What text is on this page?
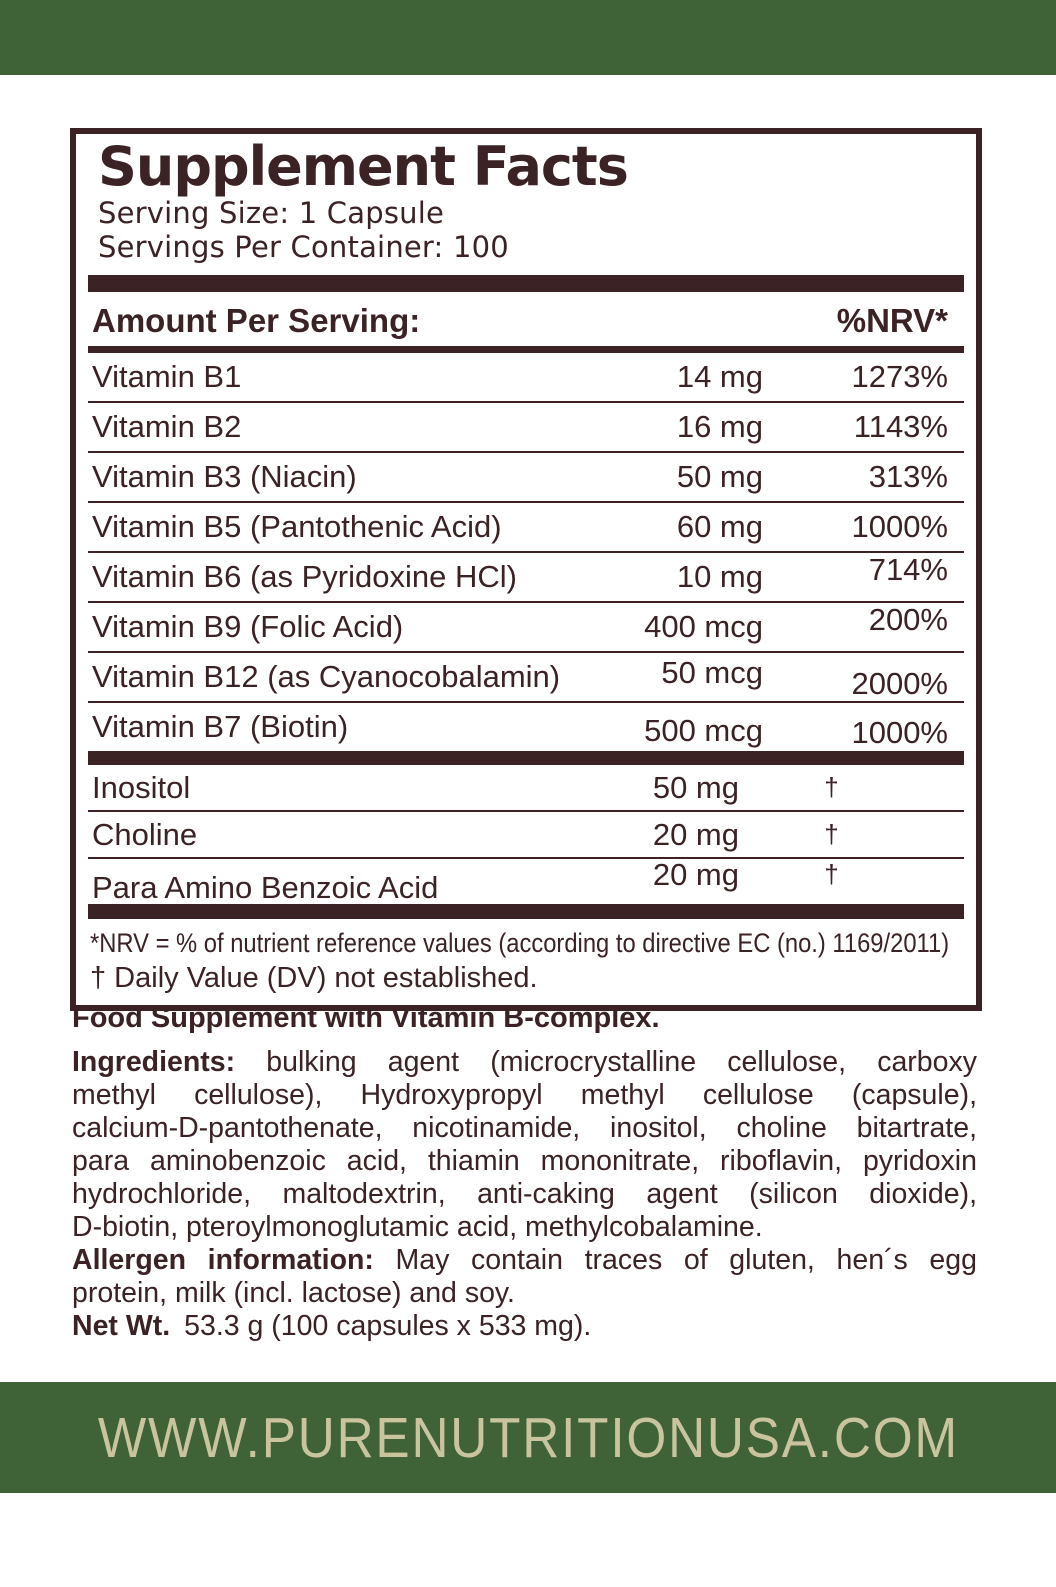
Supplement Facts
Serving Size: 1 Capsule
Servings Per Container: 100
Amount Per Serving:	%NRV*
Vitamin B1	14 mg	1273%
Vitamin B2	16 mg	1143%
Vitamin B3 (Niacin)	50 mg	313%
Vitamin B5 (Pantothenic Acid)	60 mg	1000%
Vitamin B6 (as Pyridoxine HCl)	10 mg	714%
Vitamin B9 (Folic Acid)	400 mcg	200%
Vitamin B12 (as Cyanocobalamin)	50 mcg	2000%
Vitamin B7 (Biotin)	500 mcg	1000%
Inositol	50 mg	†
Choline	20 mg	†
Para Amino Benzoic Acid	20 mg	†
*NRV = % of nutrient reference values (according to directive EC (no.) 1169/2011)
† Daily Value (DV) not established.
Food Supplement with Vitamin B-complex.
Ingredients: bulking agent (microcrystalline cellulose, carboxy
methyl cellulose), Hydroxypropyl methyl cellulose (capsule),
calcium-D-pantothenate, nicotinamide, inositol, choline bitartrate,
para aminobenzoic acid, thiamin mononitrate, riboflavin, pyridoxin
hydrochloride, maltodextrin, anti-caking agent (silicon dioxide),
D-biotin, pteroylmonoglutamic acid, methylcobalamine.
Allergen information: May contain traces of gluten, hen´s egg
protein, milk (incl. lactose) and soy.
Net Wt. 53.3 g (100 capsules x 533 mg).
WWW.PURENUTRITIONUSA.COM
